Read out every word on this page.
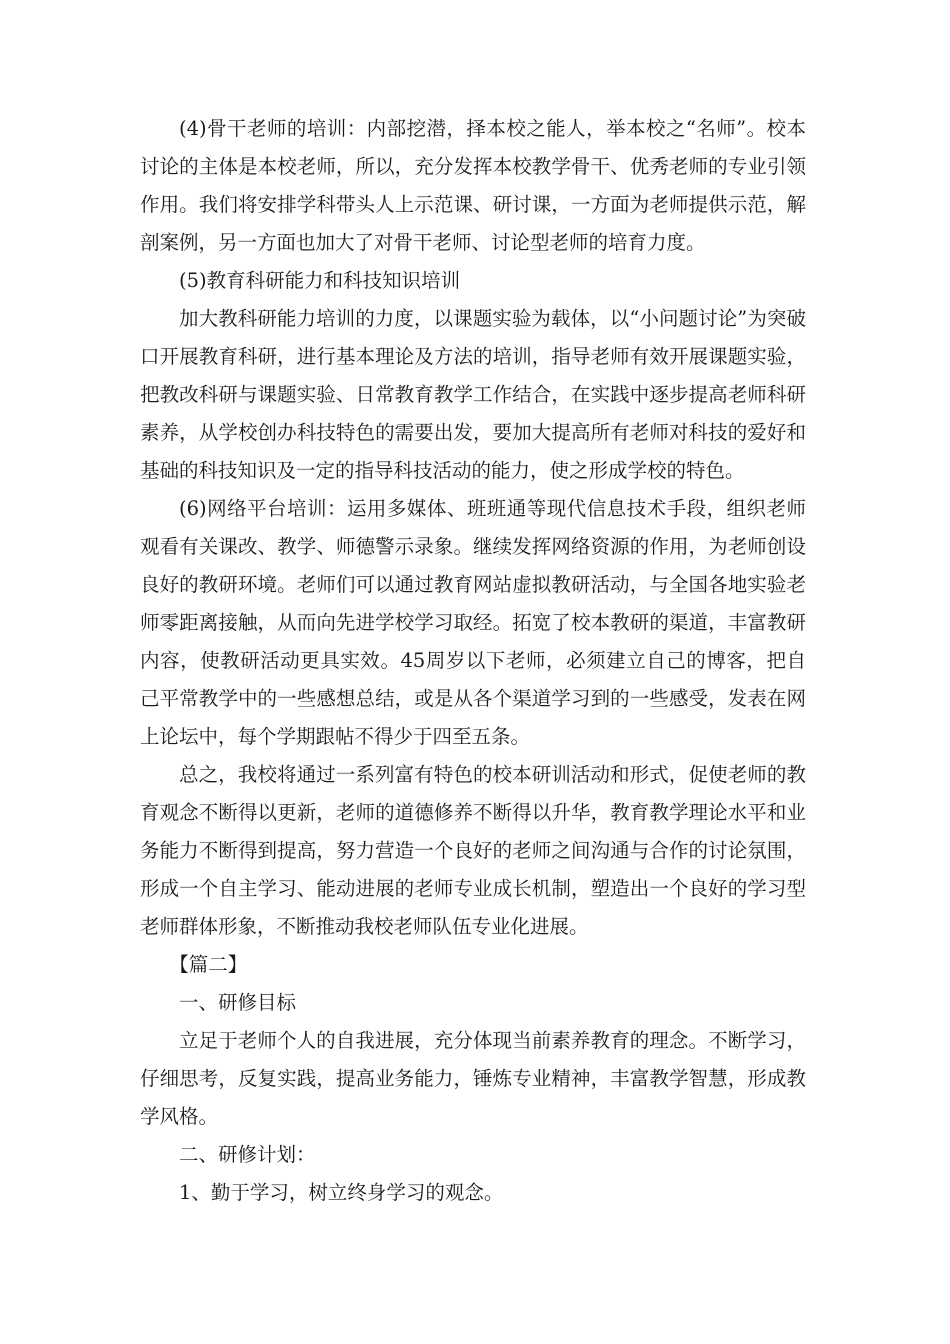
(4)骨干老师的培训：内部挖潜，择本校之能人，举本校之“名师”。校本讨论的主体是本校老师，所以，充分发挥本校教学骨干、优秀老师的专业引领作用。我们将安排学科带头人上示范课、研讨课，一方面为老师提供示范，解剖案例，另一方面也加大了对骨干老师、讨论型老师的培育力度。

(5)教育科研能力和科技知识培训

加大教科研能力培训的力度，以课题实验为载体，以“小问题讨论”为突破口开展教育科研，进行基本理论及方法的培训，指导老师有效开展课题实验，把教改科研与课题实验、日常教育教学工作结合，在实践中逐步提高老师科研素养，从学校创办科技特色的需要出发，要加大提高所有老师对科技的爱好和基础的科技知识及一定的指导科技活动的能力，使之形成学校的特色。

(6)网络平台培训：运用多媒体、班班通等现代信息技术手段，组织老师观看有关课改、教学、师德警示录象。继续发挥网络资源的作用，为老师创设良好的教研环境。老师们可以通过教育网站虚拟教研活动，与全国各地实验老师零距离接触，从而向先进学校学习取经。拓宽了校本教研的渠道，丰富教研内容，使教研活动更具实效。45周岁以下老师，必须建立自己的博客，把自己平常教学中的一些感想总结，或是从各个渠道学习到的一些感受，发表在网上论坛中，每个学期跟帖不得少于四至五条。

总之，我校将通过一系列富有特色的校本研训活动和形式，促使老师的教育观念不断得以更新，老师的道德修养不断得以升华，教育教学理论水平和业务能力不断得到提高，努力营造一个良好的老师之间沟通与合作的讨论氛围，形成一个自主学习、能动进展的老师专业成长机制，塑造出一个良好的学习型老师群体形象，不断推动我校老师队伍专业化进展。

【篇二】

一、研修目标

立足于老师个人的自我进展，充分体现当前素养教育的理念。不断学习，仔细思考，反复实践，提高业务能力，锤炼专业精神，丰富教学智慧，形成教学风格。

二、研修计划：

1、勤于学习，树立终身学习的观念。
